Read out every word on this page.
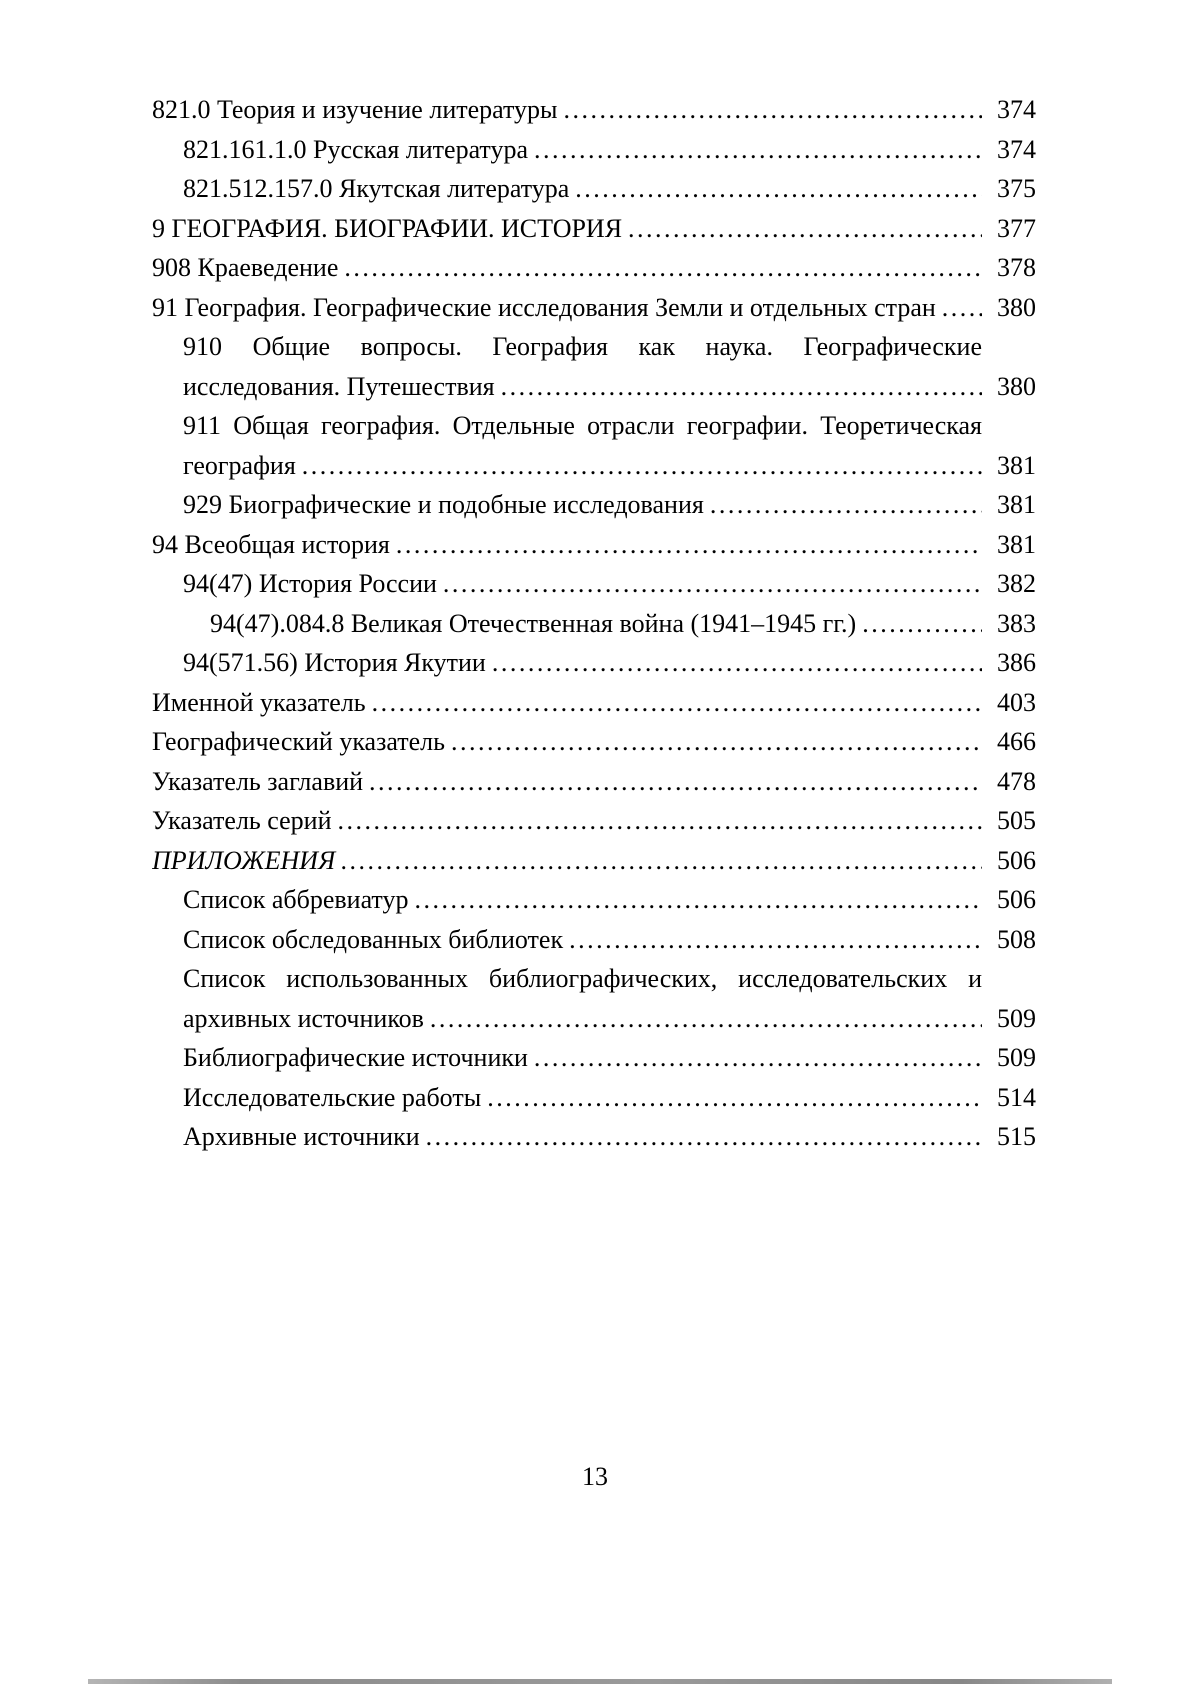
821.0 Теория и изучение литературы .....	374
821.161.1.0 Русская литература .....	374
821.512.157.0 Якутская литература .....	375
9 ГЕОГРАФИЯ. БИОГРАФИИ. ИСТОРИЯ .....	377
908 Краеведение .....	378
91 География. Географические исследования Земли и отдельных стран .....	380
910 Общие вопросы. География как наука. Географические исследования. Путешествия .....	380
911 Общая география. Отдельные отрасли географии. Теоретическая география .....	381
929 Биографические и подобные исследования .....	381
94 Всеобщая история .....	381
94(47) История России .....	382
94(47).084.8 Великая Отечественная война (1941–1945 гг.) .....	383
94(571.56) История Якутии .....	386
Именной указатель .....	403
Географический указатель .....	466
Указатель заглавий .....	478
Указатель серий .....	505
ПРИЛОЖЕНИЯ .....	506
Список аббревиатур .....	506
Список обследованных библиотек .....	508
Список использованных библиографических, исследовательских и архивных источников .....	509
Библиографические источники .....	509
Исследовательские работы .....	514
Архивные источники .....	515
13
